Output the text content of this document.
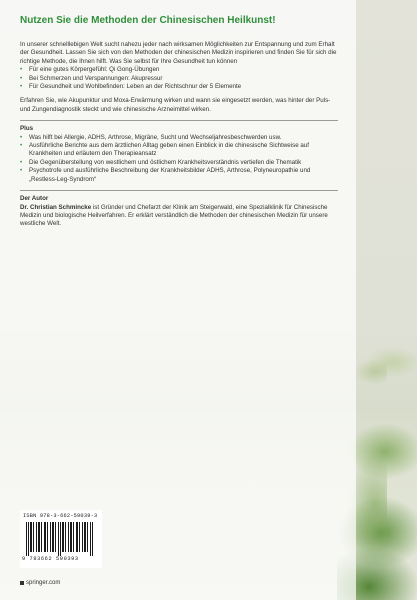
Nutzen Sie die Methoden der Chinesischen Heilkunst!

In unserer schnelllebigen Welt sucht nahezu jeder nach wirksamen Möglichkeiten zur Entspannung und zum Erhalt der Gesundheit. Lassen Sie sich von den Methoden der chinesischen Medizin inspirieren und finden Sie für sich die richtige Methode, die Ihnen hilft. Was Sie selbst für Ihre Gesundheit tun können

• Für eine gutes Körpergefühl: Qi Gong-Übungen
• Bei Schmerzen und Verspannungen: Akupressur
• Für Gesundheit und Wohlbefinden: Leben an der Richtschnur der 5 Elemente

Erfahren Sie, wie Akupunktur und Moxa-Erwärmung wirken und wann sie eingesetzt werden, was hinter der Puls- und Zungendiagnostik steckt und wie chinesische Arzneimittel wirken.

Plus

• Was hilft bei Allergie, ADHS, Arthrose, Migräne, Sucht und Wechseljahresbeschwerden usw.
• Ausführliche Berichte aus dem ärztlichen Alltag geben einen Einblick in die chinesische Sichtweise auf Krankheiten und erläutern den Therapieansatz
• Die Gegenüberstellung von westlichem und östlichem Krankheitsverständnis vertiefen die Thematik
• Psychotrofe und ausführliche Beschreibung der Krankheitsbilder ADHS, Arthrose, Polyneuropathie und „Restless-Leg-Syndrom“

Der Autor

Dr. Christian Schmincke ist Gründer und Chefarzt der Klinik am Steigerwald, eine Spezialklinik für Chinesische Medizin und biologische Heilverfahren. Er erklärt verständlich die Methoden der chinesischen Medizin für unsere westliche Welt.

ISBN 978-3-662-59039-3
9 783662 590393
springer.com
